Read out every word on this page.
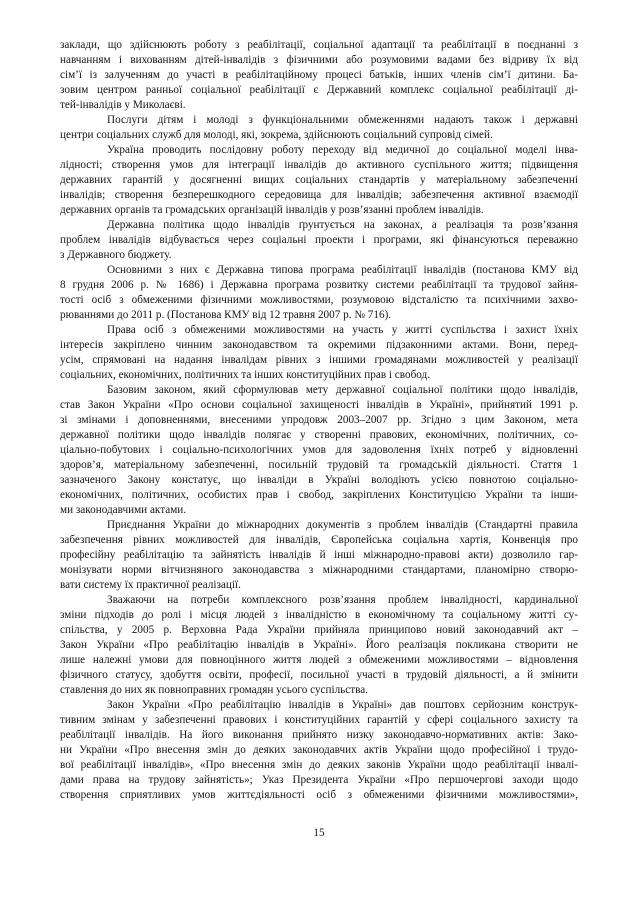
заклади, що здійснюють роботу з реабілітації, соціальної адаптації та реабілітації в поєднанні з
навчанням і вихованням дітей-інвалідів з фізичними або розумовими вадами без відриву їх від
сім’ї із залученням до участі в реабілітаційному процесі батьків, інших членів сім’ї дитини. Ба-
зовим центром ранньої соціальної реабілітації є Державний комплекс соціальної реабілітації ді-
тей-інвалідів у Миколаєві.
Послуги дітям і молоді з функціональними обмеженнями надають також і державні
центри соціальних служб для молоді, які, зокрема, здійснюють соціальний супровід сімей.
Україна проводить послідовну роботу переходу від медичної до соціальної моделі інва-
лідності; створення умов для інтеграції інвалідів до активного суспільного життя; підвищення
державних гарантій у досягненні вищих соціальних стандартів у матеріальному забезпеченні
інвалідів; створення безперешкодного середовища для інвалідів; забезпечення активної взаємодії
державних органів та громадських організацій інвалідів у розв’язанні проблем інвалідів.
Державна політика щодо інвалідів ґрунтується на законах, а реалізація та розв’язання
проблем інвалідів відбувається через соціальні проекти і програми, які фінансуються переважно
з Державного бюджету.
Основними з них є Державна типова програма реабілітації інвалідів (постанова КМУ від
8 грудня 2006 р. № 1686) і Державна програма розвитку системи реабілітації та трудової зайня-
тості осіб з обмеженими фізичними можливостями, розумовою відсталістю та психічними захво-
рюваннями до 2011 р. (Постанова КМУ від 12 травня 2007 р. № 716).
Права осіб з обмеженими можливостями на участь у житті суспільства і захист їхніх
інтересів закріплено чинним законодавством та окремими підзаконними актами. Вони, перед-
усім, спрямовані на надання інвалідам рівних з іншими громадянами можливостей у реалізації
соціальних, економічних, політичних та інших конституційних прав і свобод.
Базовим законом, який сформулював мету державної соціальної політики щодо інвалідів,
став Закон України «Про основи соціальної захищеності інвалідів в Україні», прийнятий 1991 р.
зі змінами і доповненнями, внесеними упродовж 2003–2007 рр. Згідно з цим Законом, мета
державної політики щодо інвалідів полягає у створенні правових, економічних, політичних, со-
ціально-побутових і соціально-психологічних умов для задоволення їхніх потреб у відновленні
здоров’я, матеріальному забезпеченні, посильній трудовій та громадській діяльності. Стаття 1
зазначеного Закону констатує, що інваліди в Україні володіють усією повнотою соціально-
економічних, політичних, особистих прав і свобод, закріплених Конституцією України та інши-
ми законодавчими актами.
Приєднання України до міжнародних документів з проблем інвалідів (Стандартні правила
забезпечення рівних можливостей для інвалідів, Європейська соціальна хартія, Конвенція про
професійну реабілітацію та зайнятість інвалідів й інші міжнародно-правові акти) дозволило гар-
монізувати норми вітчизняного законодавства з міжнародними стандартами, планомірно створю-
вати систему їх практичної реалізації.
Зважаючи на потреби комплексного розв’язання проблем інвалідності, кардинальної
зміни підходів до ролі і місця людей з інвалідністю в економічному та соціальному житті су-
спільства, у 2005 р. Верховна Рада України прийняла принципово новий законодавчий акт –
Закон України «Про реабілітацію інвалідів в Україні». Його реалізація покликана створити не
лише належні умови для повноцінного життя людей з обмеженими можливостями – відновлення
фізичного статусу, здобуття освіти, професії, посильної участі в трудовій діяльності, а й змінити
ставлення до них як повноправних громадян усього суспільства.
Закон України «Про реабілітацію інвалідів в Україні» дав поштовх серйозним конструк-
тивним змінам у забезпеченні правових і конституційних гарантій у сфері соціального захисту та
реабілітації інвалідів. На його виконання прийнято низку законодавчо-нормативних актів: Зако-
ни України «Про внесення змін до деяких законодавчих актів України щодо професійної і трудо-
вої реабілітації інвалідів», «Про внесення змін до деяких законів України щодо реабілітації інвалі-
дами права на трудову зайнятість»; Указ Президента України «Про першочергові заходи щодо
створення сприятливих умов життєдіяльності осіб з обмеженими фізичними можливостями»,
15
